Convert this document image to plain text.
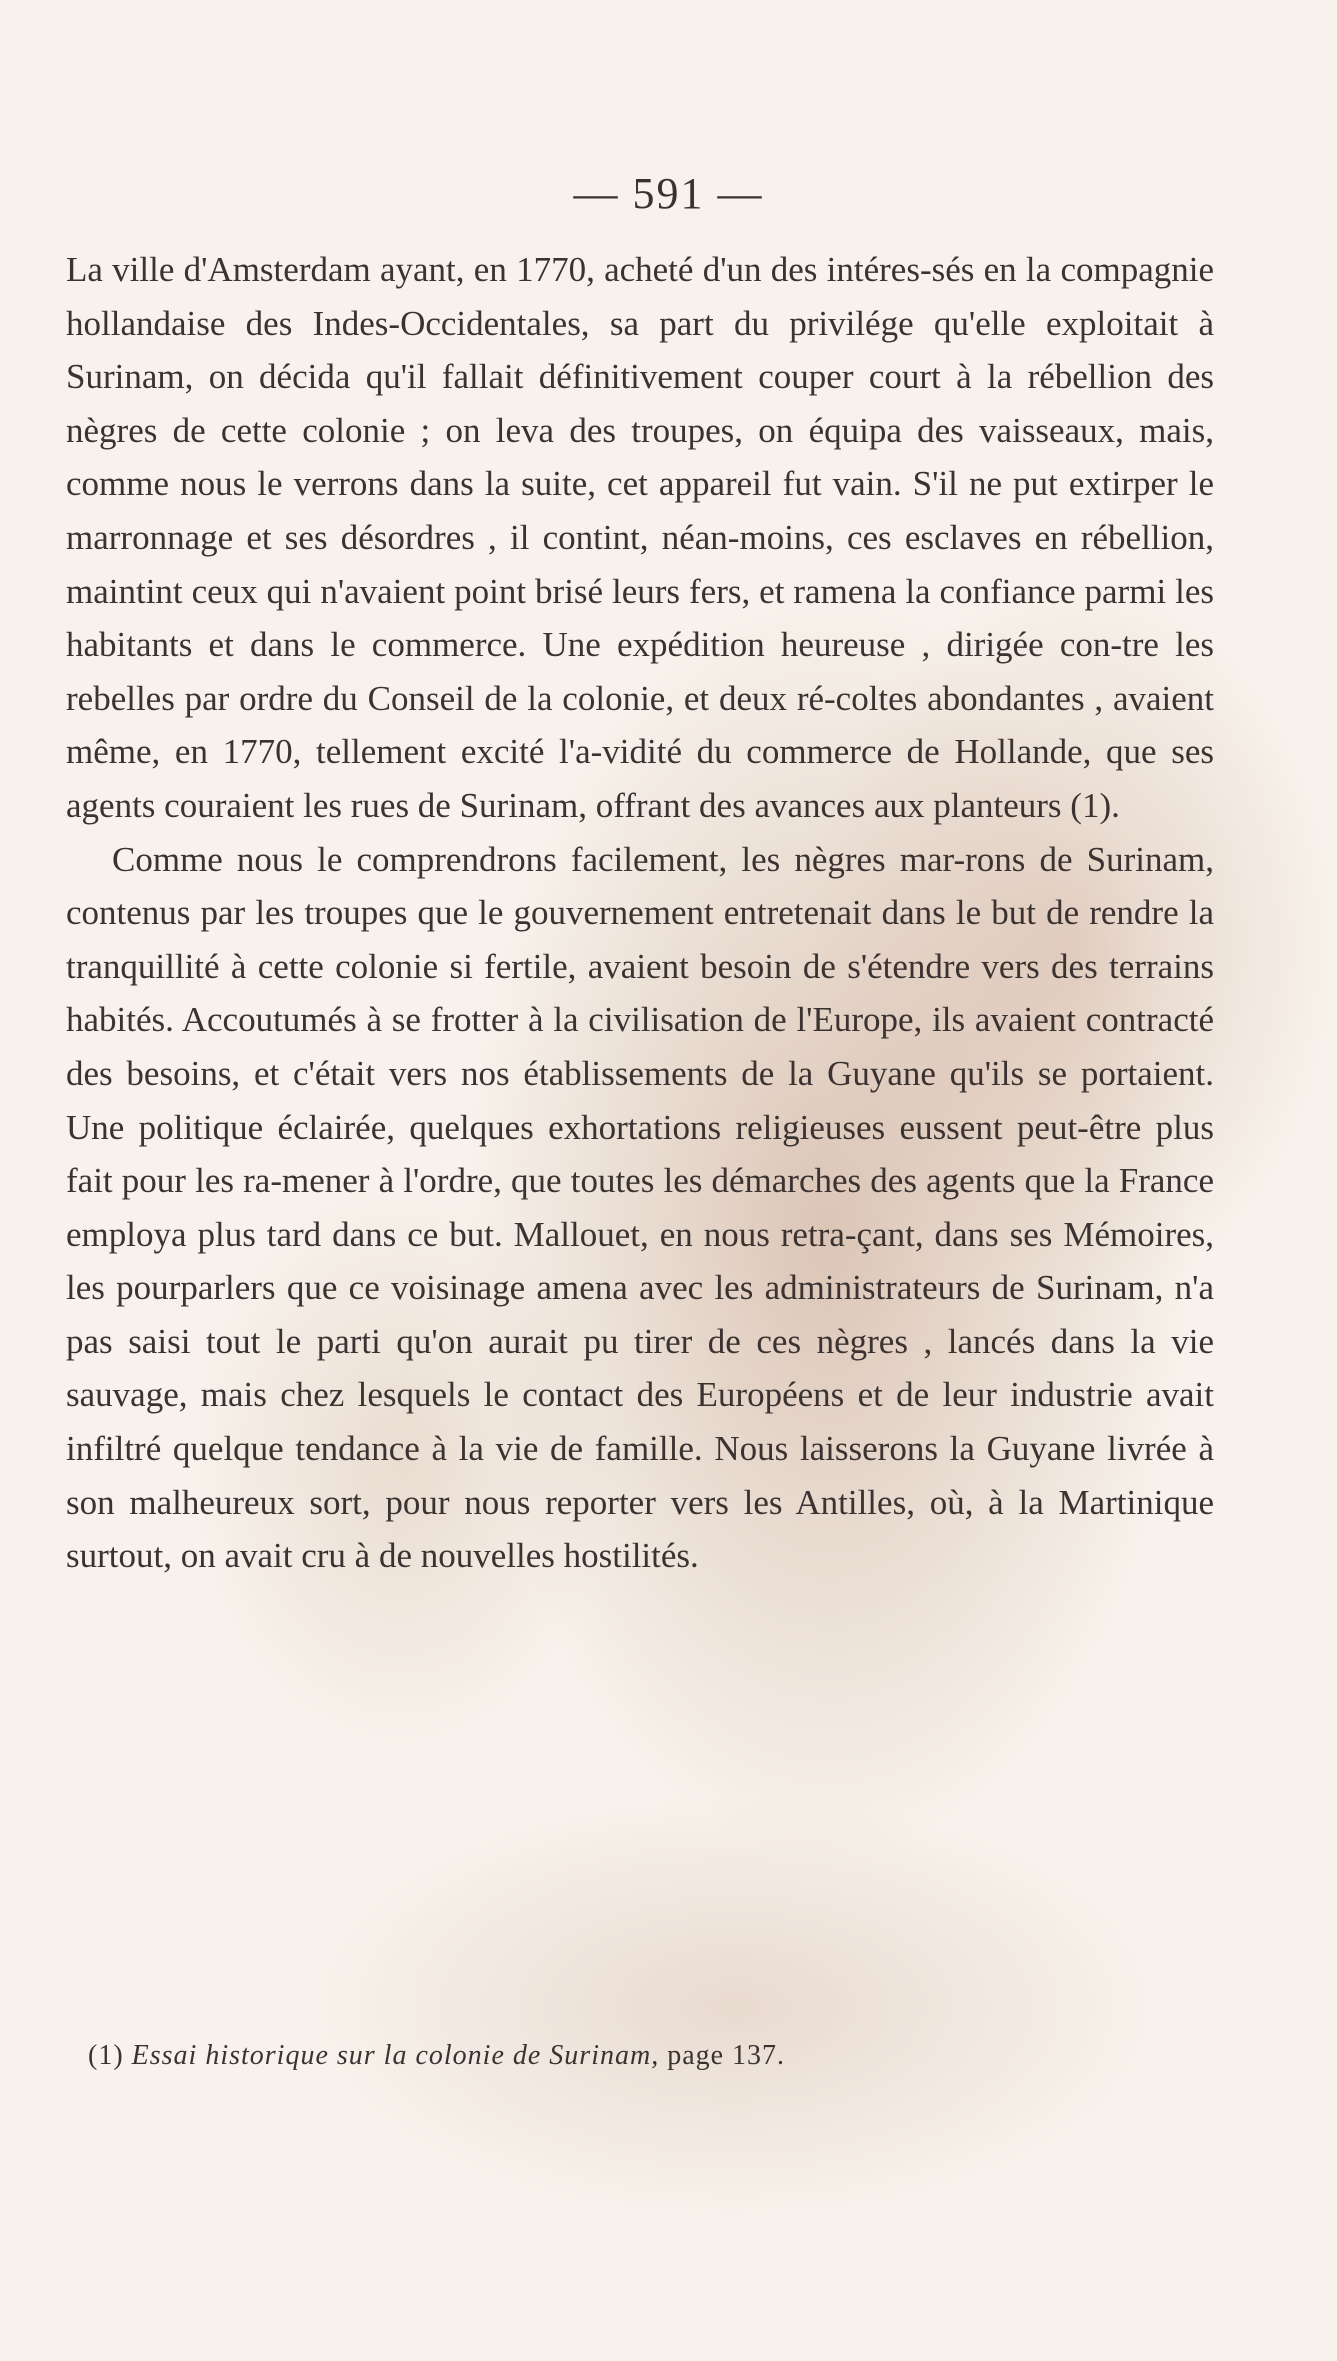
— 591 —

La ville d'Amsterdam ayant, en 1770, acheté d'un des intéres-sés en la compagnie hollandaise des Indes-Occidentales, sa part du privilége qu'elle exploitait à Surinam, on décida qu'il fallait définitivement couper court à la rébellion des nègres de cette colonie ; on leva des troupes, on équipa des vaisseaux, mais, comme nous le verrons dans la suite, cet appareil fut vain. S'il ne put extirper le marronnage et ses désordres , il contint, néan-moins, ces esclaves en rébellion, maintint ceux qui n'avaient point brisé leurs fers, et ramena la confiance parmi les habitants et dans le commerce. Une expédition heureuse , dirigée con-tre les rebelles par ordre du Conseil de la colonie, et deux ré-coltes abondantes , avaient même, en 1770, tellement excité l'a-vidité du commerce de Hollande, que ses agents couraient les rues de Surinam, offrant des avances aux planteurs (1).

Comme nous le comprendrons facilement, les nègres mar-rons de Surinam, contenus par les troupes que le gouvernement entretenait dans le but de rendre la tranquillité à cette colonie si fertile, avaient besoin de s'étendre vers des terrains habités. Accoutumés à se frotter à la civilisation de l'Europe, ils avaient contracté des besoins, et c'était vers nos établissements de la Guyane qu'ils se portaient. Une politique éclairée, quelques exhortations religieuses eussent peut-être plus fait pour les ra-mener à l'ordre, que toutes les démarches des agents que la France employa plus tard dans ce but. Mallouet, en nous retra-çant, dans ses Mémoires, les pourparlers que ce voisinage amena avec les administrateurs de Surinam, n'a pas saisi tout le parti qu'on aurait pu tirer de ces nègres , lancés dans la vie sauvage, mais chez lesquels le contact des Européens et de leur industrie avait infiltré quelque tendance à la vie de famille. Nous laisserons la Guyane livrée à son malheureux sort, pour nous reporter vers les Antilles, où, à la Martinique surtout, on avait cru à de nouvelles hostilités.

(1) Essai historique sur la colonie de Surinam, page 137.
